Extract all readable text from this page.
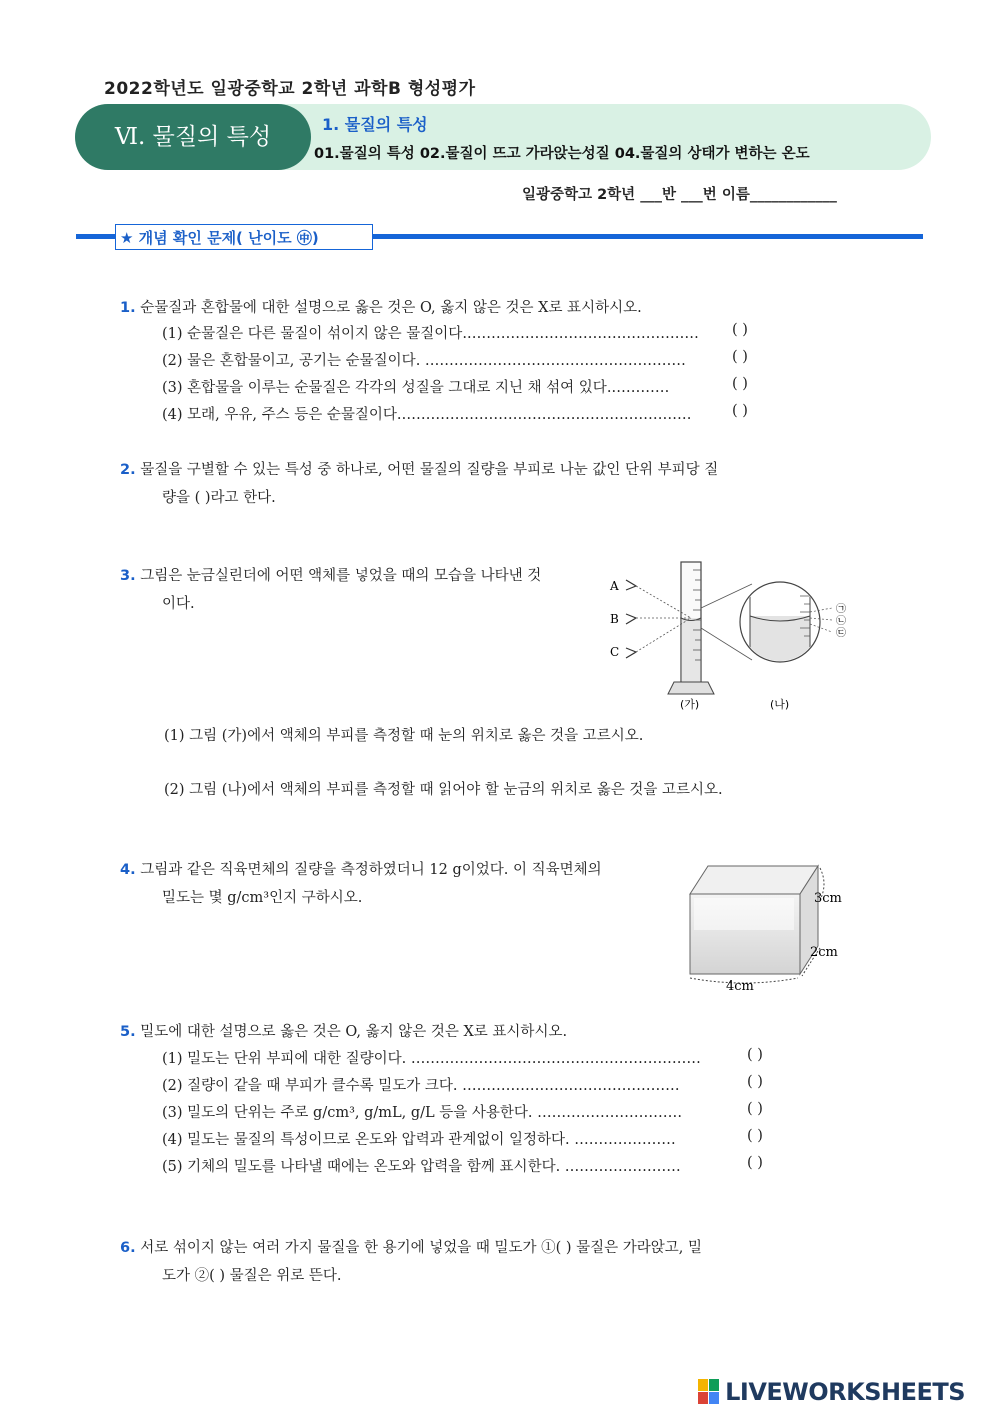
2022학년도 일광중학교 2학년 과학B 형성평가
Ⅵ. 물질의 특성	1. 물질의 특성
01.물질의 특성 02.물질이 뜨고 가라앉는성질 04.물질의 상태가 변하는 온도
일광중학고 2학년 ___반 ___번 이름____________
★ 개념 확인 문제( 난이도 ㊥)
1. 순물질과 혼합물에 대한 설명으로 옳은 것은 O, 옳지 않은 것은 X로 표시하시오.
(1) 순물질은 다른 물질이 섞이지 않은 물질이다.………………………………………… ( )
(2) 물은 혼합물이고, 공기는 순물질이다. ………………………………………………	( )
(3) 혼합물을 이루는 순물질은 각각의 성질을 그대로 지닌 채 섞여 있다.…………	( )
(4) 모래, 우유, 주스 등은 순물질이다.……………………………………………………	( )
2. 물질을 구별할 수 있는 특성 중 하나로, 어떤 물질의 질량을 부피로 나눈 값인 단위 부피당 질
량을 ( )라고 한다.
3. 그림은 눈금실린더에 어떤 액체를 넣었을 때의 모습을 나타낸 것
이다.
A
B
C
㉠
㉡
㉢
(가)	(나)
(1) 그림 (가)에서 액체의 부피를 측정할 때 눈의 위치로 옳은 것을 고르시오.
(2) 그림 (나)에서 액체의 부피를 측정할 때 읽어야 할 눈금의 위치로 옳은 것을 고르시오.
4. 그림과 같은 직육면체의 질량을 측정하였더니 12 g이었다. 이 직육면체의
밀도는 몇 g/cm³인지 구하시오.	3cm
2cm
4cm
5. 밀도에 대한 설명으로 옳은 것은 O, 옳지 않은 것은 X로 표시하시오.
(1) 밀도는 단위 부피에 대한 질량이다. ……………………………………………………	( )
(2) 질량이 같을 때 부피가 클수록 밀도가 크다. ………………………………………	( )
(3) 밀도의 단위는 주로 g/cm³, g/mL, g/L 등을 사용한다. …………………………	( )
(4) 밀도는 물질의 특성이므로 온도와 압력과 관계없이 일정하다. …………………	( )
(5) 기체의 밀도를 나타낼 때에는 온도와 압력을 함께 표시한다. ……………………	( )
6. 서로 섞이지 않는 여러 가지 물질을 한 용기에 넣었을 때 밀도가 ①( ) 물질은 가라앉고, 밀
도가 ②( ) 물질은 위로 뜬다.
LIVEWORKSHEETS
